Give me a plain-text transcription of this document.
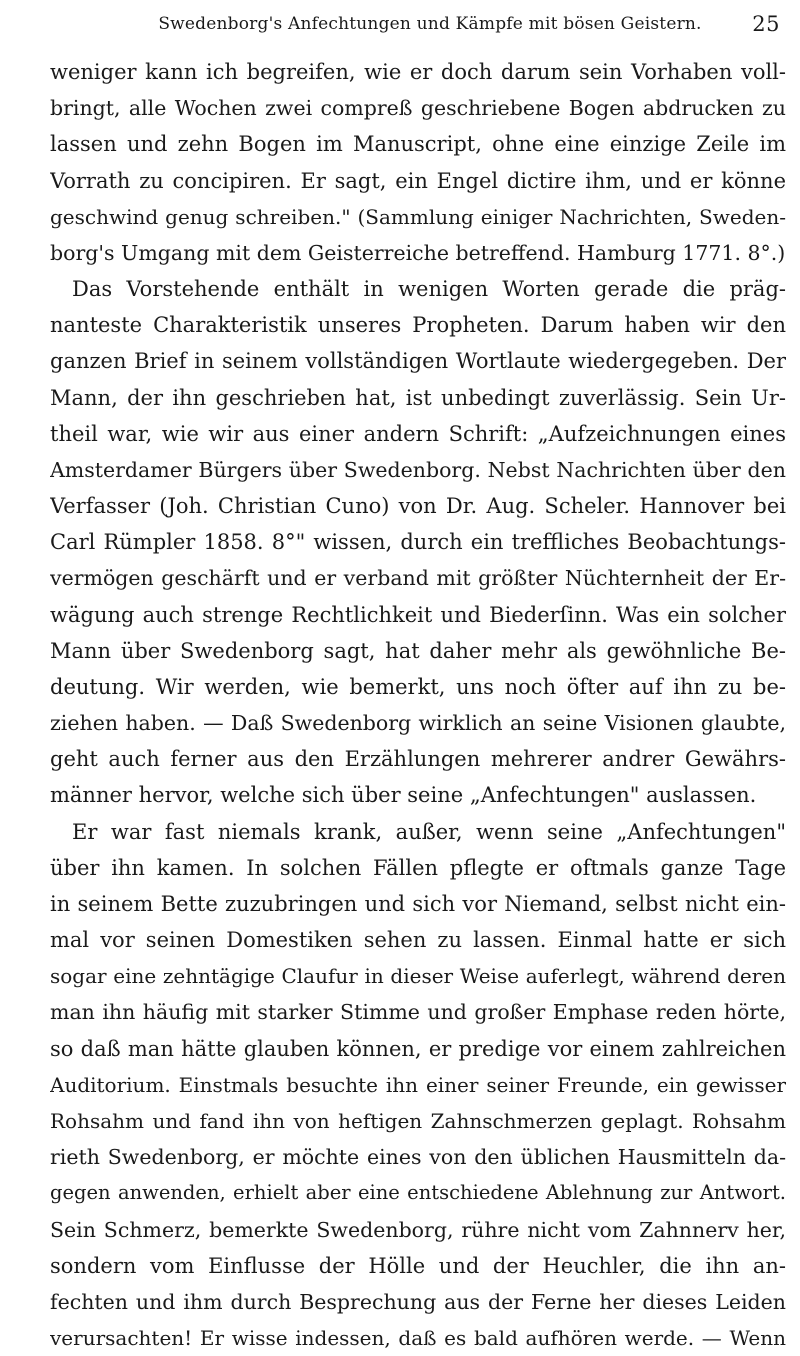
Swedenborg's Anfechtungen und Kämpfe mit bösen Geistern.	25
weniger kann ich begreifen, wie er doch darum sein Vorhaben voll-
bringt, alle Wochen zwei compreß geschriebene Bogen abdrucken zu
lassen und zehn Bogen im Manuscript, ohne eine einzige Zeile im
Vorrath zu concipiren. Er sagt, ein Engel dictire ihm, und er könne
geschwind genug schreiben." (Sammlung einiger Nachrichten, Sweden-
borg's Umgang mit dem Geisterreiche betreffend. Hamburg 1771. 8°.)
Das Vorstehende enthält in wenigen Worten gerade die präg-
nanteste Charakteristik unseres Propheten. Darum haben wir den
ganzen Brief in seinem vollständigen Wortlaute wiedergegeben. Der
Mann, der ihn geschrieben hat, ist unbedingt zuverlässig. Sein Ur-
theil war, wie wir aus einer andern Schrift: „Aufzeichnungen eines
Amsterdamer Bürgers über Swedenborg. Nebst Nachrichten über den
Verfasser (Joh. Christian Cuno) von Dr. Aug. Scheler. Hannover bei
Carl Rümpler 1858. 8°" wissen, durch ein treffliches Beobachtungs-
vermögen geschärft und er verband mit größter Nüchternheit der Er-
wägung auch strenge Rechtlichkeit und Biederſinn. Was ein solcher
Mann über Swedenborg sagt, hat daher mehr als gewöhnliche Be-
deutung. Wir werden, wie bemerkt, uns noch öfter auf ihn zu be-
ziehen haben. — Daß Swedenborg wirklich an seine Visionen glaubte,
geht auch ferner aus den Erzählungen mehrerer andrer Gewährs-
männer hervor, welche sich über seine „Anfechtungen" auslassen.
Er war fast niemals krank, außer, wenn seine „Anfechtungen"
über ihn kamen. In solchen Fällen pflegte er oftmals ganze Tage
in seinem Bette zuzubringen und sich vor Niemand, selbst nicht ein-
mal vor seinen Domestiken sehen zu lassen. Einmal hatte er sich
sogar eine zehntägige Claufur in dieser Weise auferlegt, während deren
man ihn häufig mit starker Stimme und großer Emphase reden hörte,
so daß man hätte glauben können, er predige vor einem zahlreichen
Auditorium. Einstmals besuchte ihn einer seiner Freunde, ein gewisser
Rohsahm und fand ihn von heftigen Zahnschmerzen geplagt. Rohsahm
rieth Swedenborg, er möchte eines von den üblichen Hausmitteln da-
gegen anwenden, erhielt aber eine entschiedene Ablehnung zur Antwort.
Sein Schmerz, bemerkte Swedenborg, rühre nicht vom Zahnnerv her,
sondern vom Einflusse der Hölle und der Heuchler, die ihn an-
fechten und ihm durch Besprechung aus der Ferne her dieses Leiden
verursachten! Er wisse indessen, daß es bald aufhören werde. — Wenn
